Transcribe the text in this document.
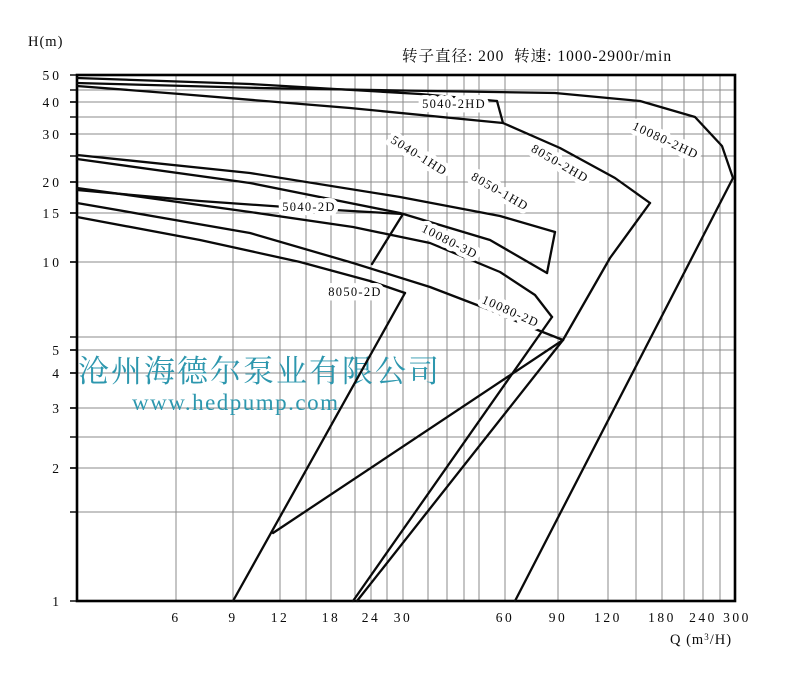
H(m)
转子直径: 200  转速: 1000-2900r/min
沧州海德尔泵业有限公司
www.hedpump.com
5040-2HD
10080-2HD
8050-2HD
5040-1HD
8050-1HD
5040-2D
10080-3D
8050-2D
10080-2D
50
40
30
20
15
10
5
4
3
2
1
6	9 12 18 24 30	60	90 120 180 240 300
Q $(m^3/H)$
